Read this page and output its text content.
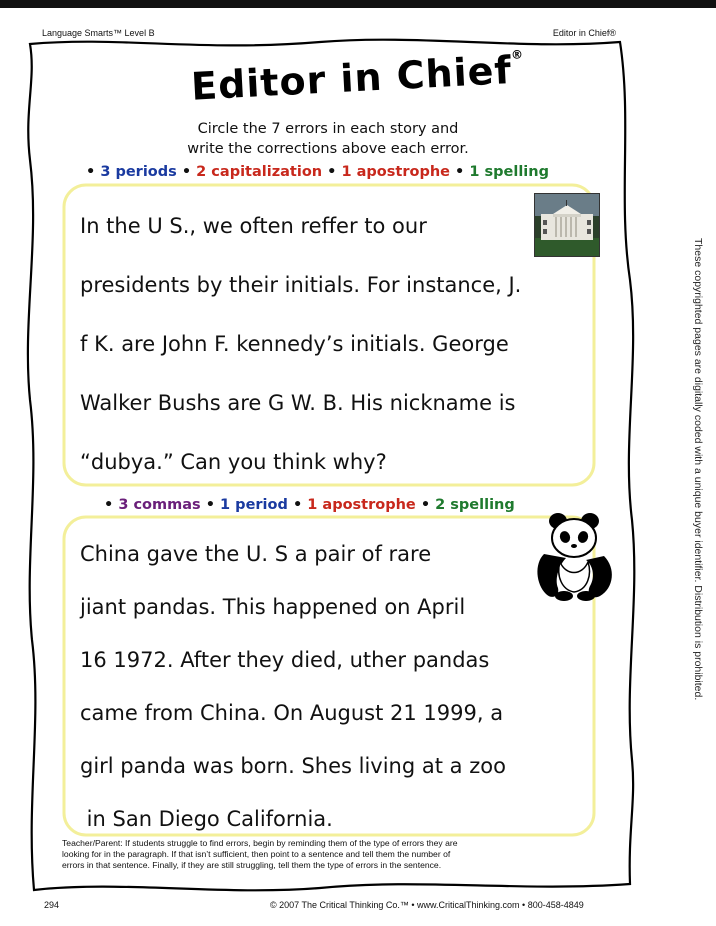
Language Smarts™ Level B	Editor in Chief®
Editor in Chief®
Circle the 7 errors in each story and
write the corrections above each error.
• 3 periods • 2 capitalization • 1 apostrophe • 1 spelling

In the U S., we often reffer to our

presidents by their initials. For instance, J.

f K. are John F. kennedy’s initials. George

Walker Bushs are G W. B. His nickname is

“dubya.” Can you think why?

• 3 commas • 1 period • 1 apostrophe • 2 spelling

China gave the U. S a pair of rare

jiant pandas. This happened on April

16 1972. After they died, uther pandas

came from China. On August 21 1999, a

girl panda was born. Shes living at a zoo

in San Diego California.

Teacher/Parent: If students struggle to find errors, begin by reminding them of the type of errors they are
looking for in the paragraph. If that isn’t sufficient, then point to a sentence and tell them the number of
errors in that sentence. Finally, if they are still struggling, tell them the type of errors in the sentence.
294	© 2007 The Critical Thinking Co.™ • www.CriticalThinking.com • 800-458-4849
These copyrighted pages are digitally coded with a unique buyer identifier. Distribution is prohibited.
